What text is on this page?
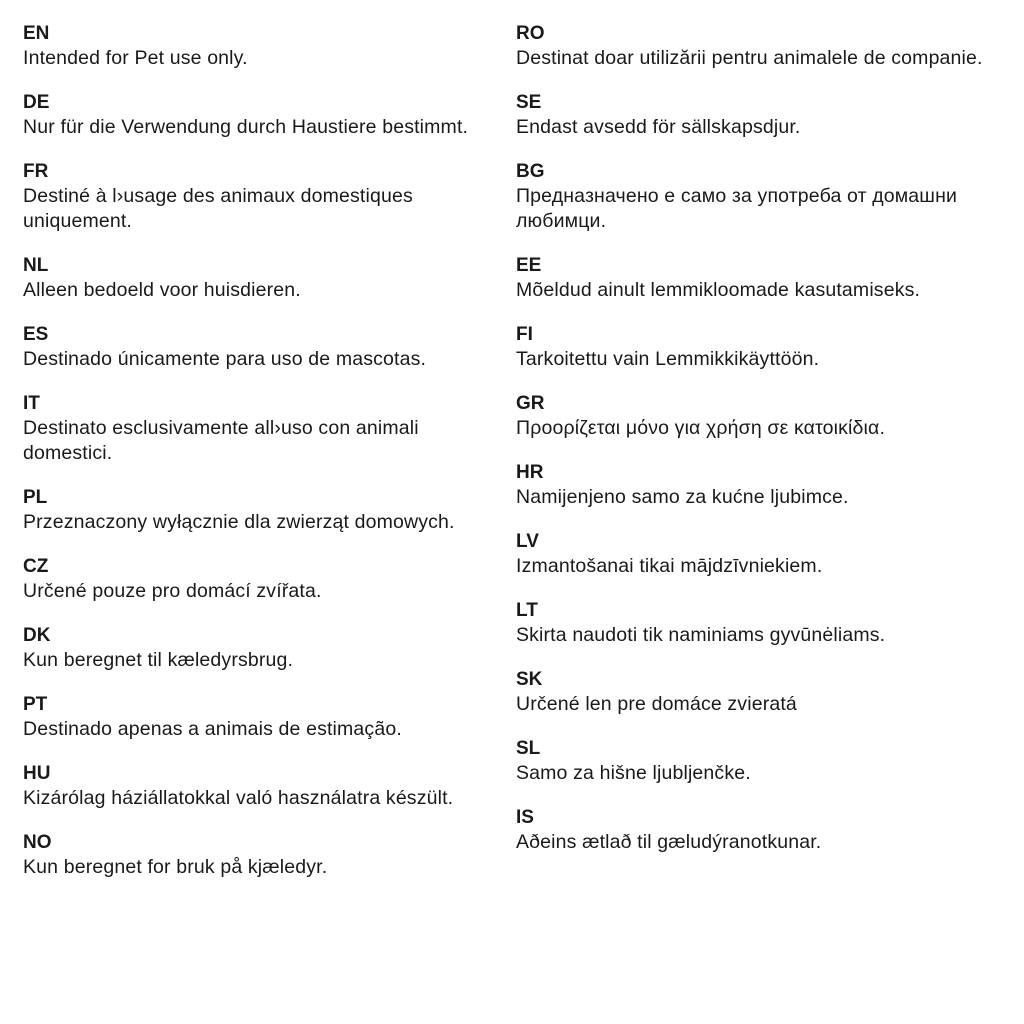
EN
Intended for Pet use only.
DE
Nur für die Verwendung durch Haustiere bestimmt.
FR
Destiné à l›usage des animaux domestiques uniquement.
NL
Alleen bedoeld voor huisdieren.
ES
Destinado únicamente para uso de mascotas.
IT
Destinato esclusivamente all›uso con animali domestici.
PL
Przeznaczony wyłącznie dla zwierząt domowych.
CZ
Určené pouze pro domácí zvířata.
DK
Kun beregnet til kæledyrsbrug.
PT
Destinado apenas a animais de estimação.
HU
Kizárólag háziállatokkal való használatra készült.
NO
Kun beregnet for bruk på kjæledyr.
RO
Destinat doar utilizării pentru animalele de companie.
SE
Endast avsedd för sällskapsdjur.
BG
Предназначено е само за употреба от домашни любимци.
EE
Mõeldud ainult lemmikloomade kasutamiseks.
FI
Tarkoitettu vain Lemmikkikäyttöön.
GR
Προορίζεται μόνο για χρήση σε κατοικίδια.
HR
Namijenjeno samo za kućne ljubimce.
LV
Izmantošanai tikai mājdzīvniekiem.
LT
Skirta naudoti tik naminiams gyvūnėliams.
SK
Určené len pre domáce zvieratá
SL
Samo za hišne ljubljenčke.
IS
Aðeins ætlað til gæludýranotkunar.
